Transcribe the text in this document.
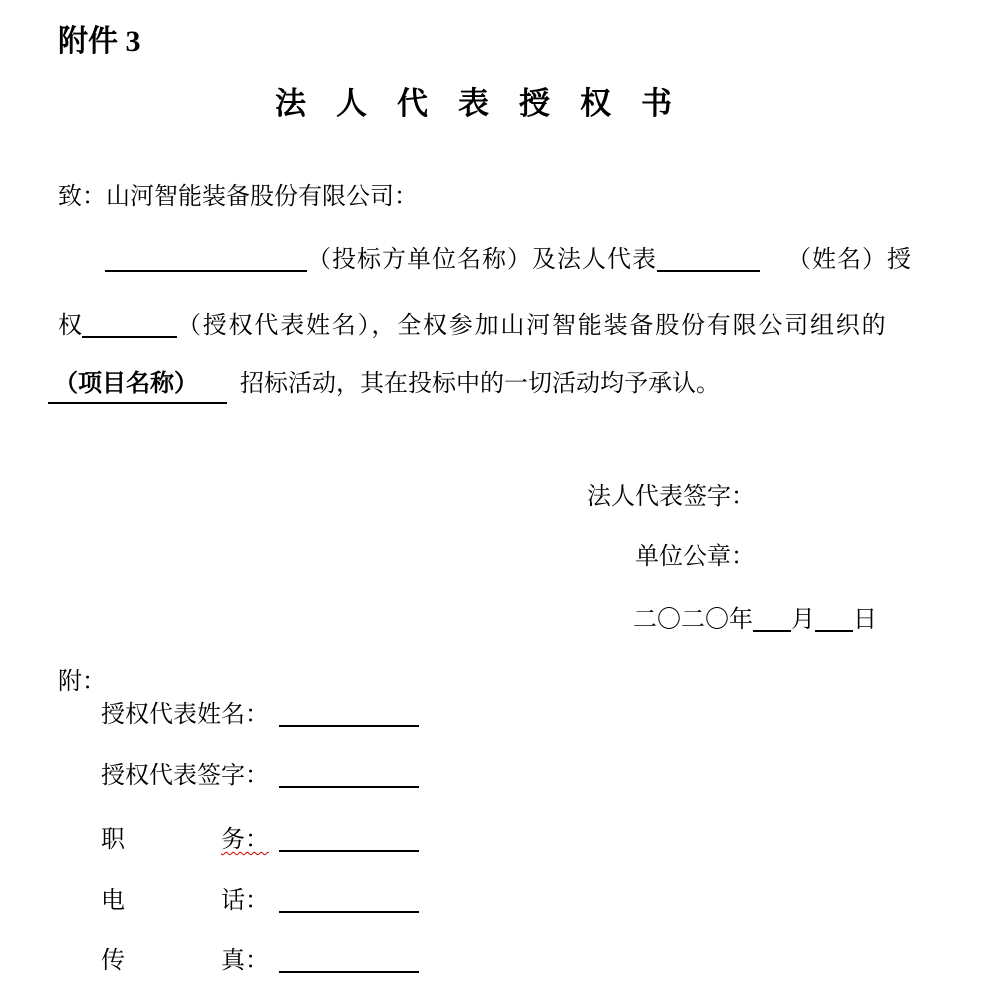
附件 3
法人代表授权书
致：山河智能装备股份有限公司：
（投标方单位名称）及法人代表	（姓名）授
权	（授权代表姓名），全权参加山河智能装备股份有限公司组织的
（项目名称） 招标活动，其在投标中的一切活动均予承认。
法人代表签字：
单位公章：
二〇二〇年 月 日
附：
授权代表姓名：
授权代表签字：
职	务：
电	话：
传	真：
